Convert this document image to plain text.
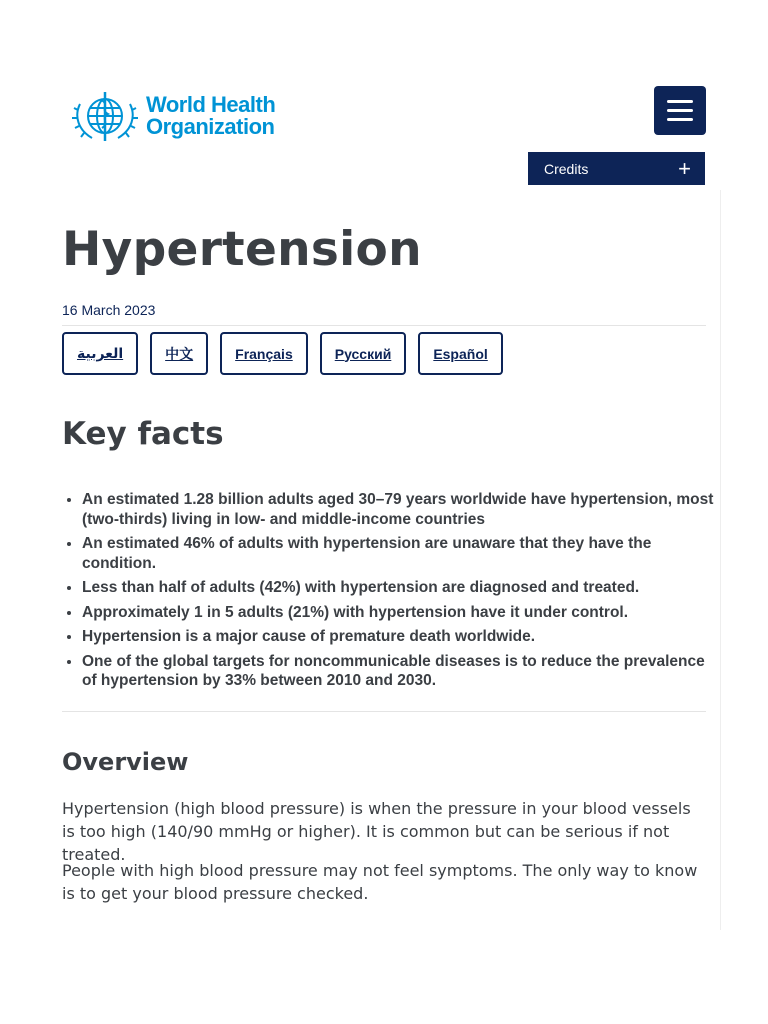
World Health
Organization
Credits	+
Hypertension
16 March 2023
العربية	中文	Français	Русский	Español
Key facts
• An estimated 1.28 billion adults aged 30–79 years worldwide have hypertension, most (two-thirds) living in low- and middle-income countries
• An estimated 46% of adults with hypertension are unaware that they have the condition.
• Less than half of adults (42%) with hypertension are diagnosed and treated.
• Approximately 1 in 5 adults (21%) with hypertension have it under control.
• Hypertension is a major cause of premature death worldwide.
• One of the global targets for noncommunicable diseases is to reduce the prevalence of hypertension by 33% between 2010 and 2030.
Overview

Hypertension (high blood pressure) is when the pressure in your blood vessels is too high (140/90 mmHg or higher). It is common but can be serious if not treated.

People with high blood pressure may not feel symptoms. The only way to know is to get your blood pressure checked.
